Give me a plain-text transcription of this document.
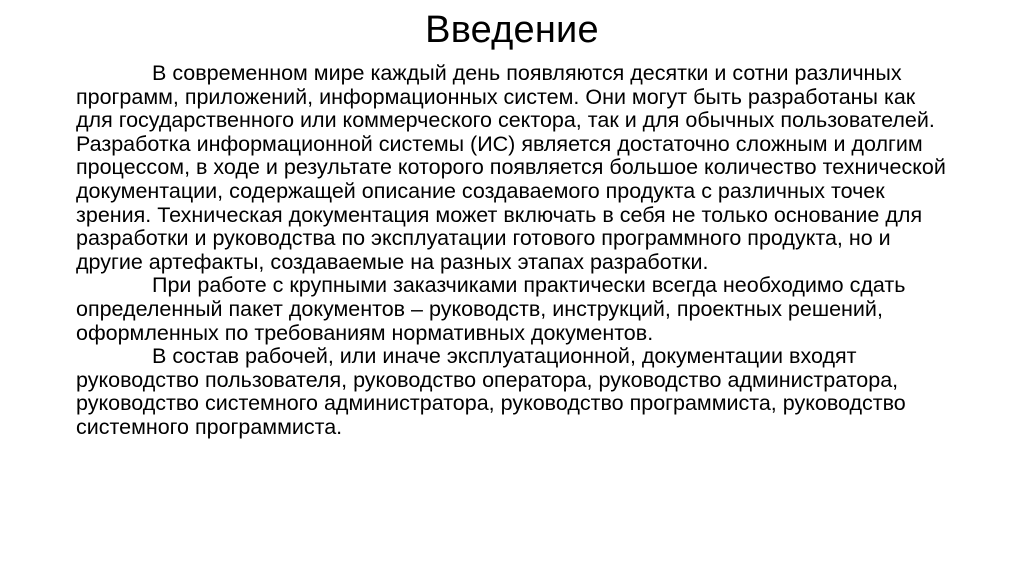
Введение

В современном мире каждый день появляются десятки и сотни различных программ, приложений, информационных систем. Они могут быть разработаны как для государственного или коммерческого сектора, так и для обычных пользователей. Разработка информационной системы (ИС) является достаточно сложным и долгим процессом, в ходе и результате которого появляется большое количество технической документации, содержащей описание создаваемого продукта с различных точек зрения. Техническая документация может включать в себя не только основание для разработки и руководства по эксплуатации готового программного продукта, но и другие артефакты, создаваемые на разных этапах разработки.

При работе с крупными заказчиками практически всегда необходимо сдать определенный пакет документов – руководств, инструкций, проектных решений, оформленных по требованиям нормативных документов.

В состав рабочей, или иначе эксплуатационной, документации входят руководство пользователя, руководство оператора, руководство администратора, руководство системного администратора, руководство программиста, руководство системного программиста.
